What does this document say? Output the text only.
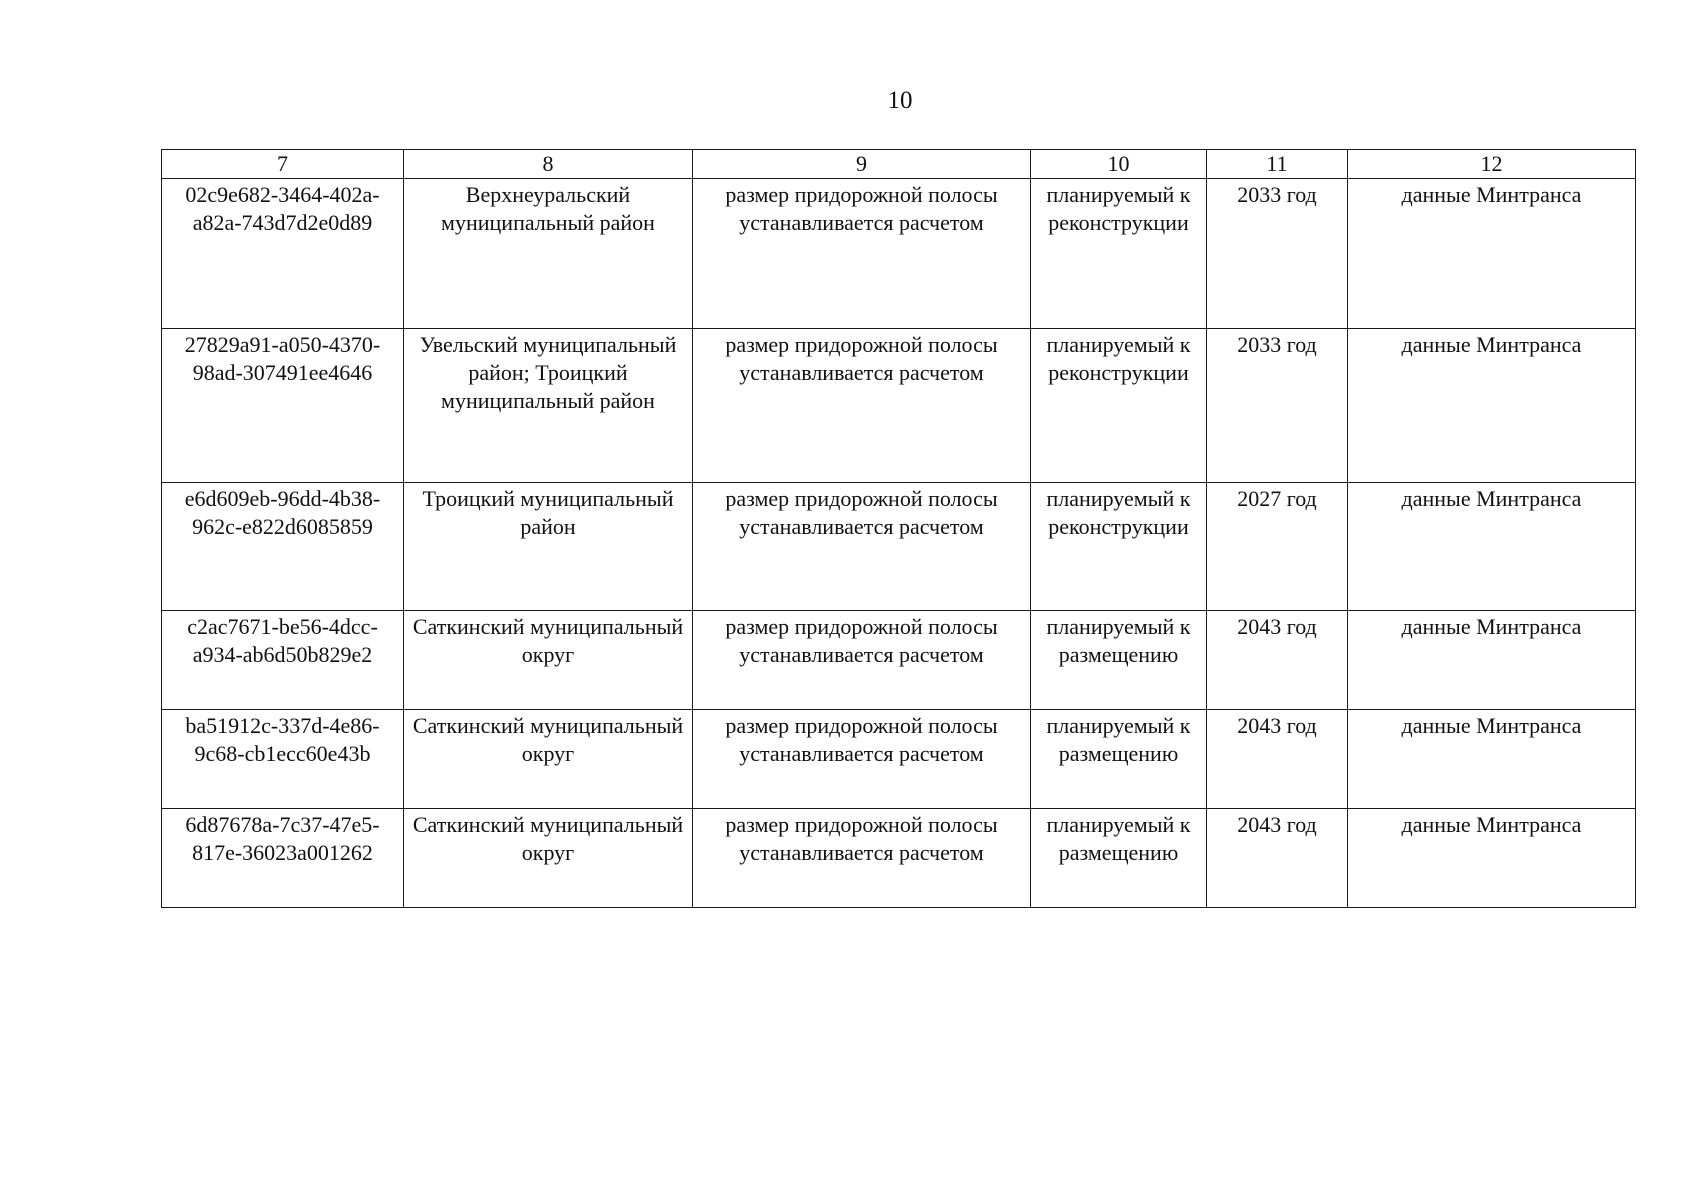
10
7	8	9	10	11	12

02c9e682-3464-402a-
a82a-743d7d2e0d89	Верхнеуральский муниципальный район	размер придорожной полосы устанавливается расчетом	планируемый к реконструкции	2033 год	данные Минтранса

27829a91-a050-4370-
98ad-307491ee4646	Увельский муниципальный район; Троицкий муниципальный район	размер придорожной полосы устанавливается расчетом	планируемый к реконструкции	2033 год	данные Минтранса

e6d609eb-96dd-4b38-
962c-e822d6085859	Троицкий муниципальный район	размер придорожной полосы устанавливается расчетом	планируемый к реконструкции	2027 год	данные Минтранса

c2ac7671-be56-4dcc-
a934-ab6d50b829e2	Саткинский муниципальный округ	размер придорожной полосы устанавливается расчетом	планируемый к размещению	2043 год	данные Минтранса

ba51912c-337d-4e86-
9c68-cb1ecc60e43b	Саткинский муниципальный округ	размер придорожной полосы устанавливается расчетом	планируемый к размещению	2043 год	данные Минтранса

6d87678a-7c37-47e5-
817e-36023a001262	Саткинский муниципальный округ	размер придорожной полосы устанавливается расчетом	планируемый к размещению	2043 год	данные Минтранса
